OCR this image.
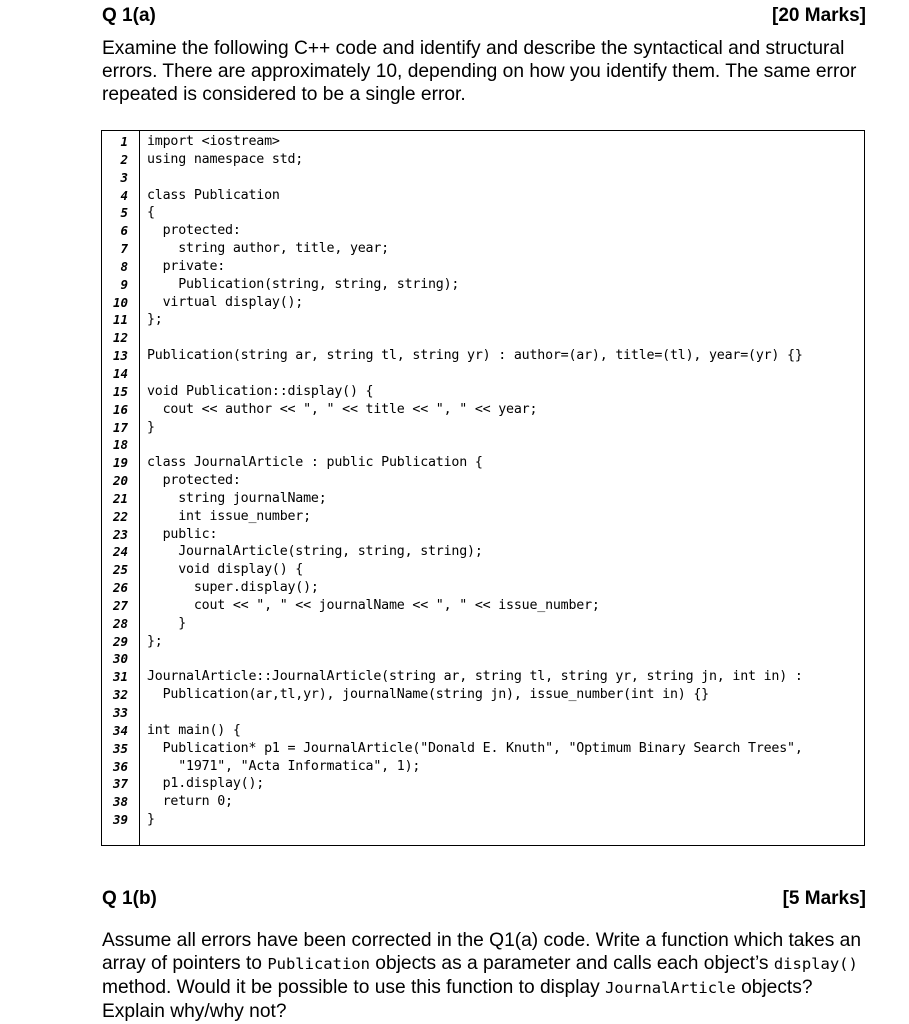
Q 1(a)	[20 Marks]
Examine the following C++ code and identify and describe the syntactical and structural errors. There are approximately 10, depending on how you identify them. The same error repeated is considered to be a single error.
1 import <iostream>
2 using namespace std;
3
4 class Publication
5 {
6 protected:
7 string author, title, year;
8 private:
9 Publication(string, string, string);
10 virtual display();
11 };
12
13 Publication(string ar, string tl, string yr) : author=(ar), title=(tl), year=(yr) {}
14
15 void Publication::display() {
16 cout << author << ", " << title << ", " << year;
17 }
18
19 class JournalArticle : public Publication {
20 protected:
21 string journalName;
22 int issue_number;
23 public:
24 JournalArticle(string, string, string);
25 void display() {
26 super.display();
27 cout << ", " << journalName << ", " << issue_number;
28 }
29 };
30
31 JournalArticle::JournalArticle(string ar, string tl, string yr, string jn, int in) :
32 Publication(ar,tl,yr), journalName(string jn), issue_number(int in) {}
33
34 int main() {
35 Publication* p1 = JournalArticle("Donald E. Knuth", "Optimum Binary Search Trees",
36 "1971", "Acta Informatica", 1);
37 p1.display();
38 return 0;
39 }
Q 1(b)	[5 Marks]
Assume all errors have been corrected in the Q1(a) code. Write a function which takes an array of pointers to Publication objects as a parameter and calls each object’s display() method. Would it be possible to use this function to display JournalArticle objects? Explain why/why not?
